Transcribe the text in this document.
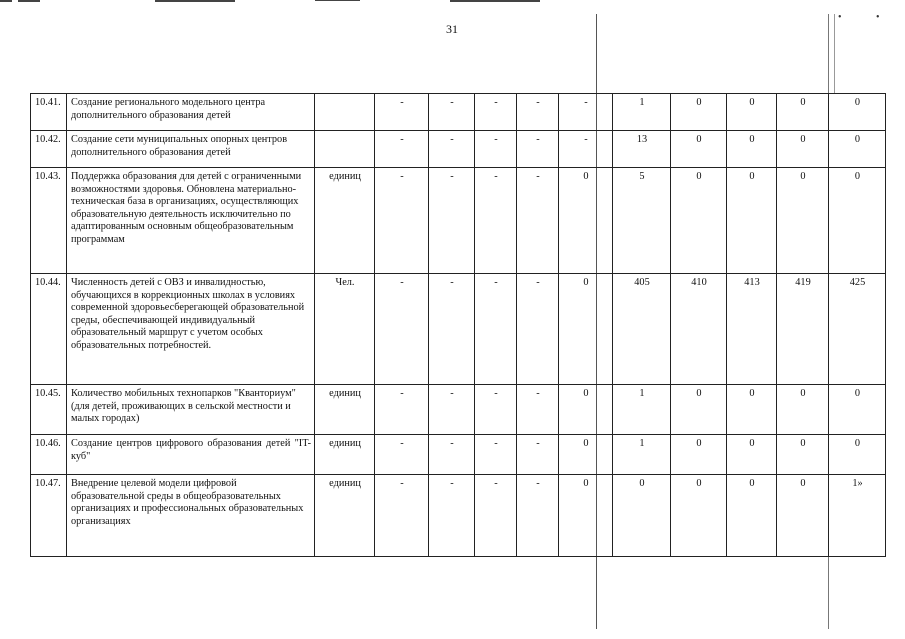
•	•
31
10.41.	Создание регионального модельного центра дополнительного образования детей		-	-	-	-	-	1	0	0	0	0
10.42.	Создание сети муниципальных опорных центров дополнительного образования детей		-	-	-	-	-	13	0	0	0	0
10.43.	Поддержка образования для детей с ограниченными возможностями здоровья. Обновлена материально-техническая база в организациях, осуществляющих образовательную деятельность исключительно по адаптированным основным общеобразовательным программам	единиц	-	-	-	-	0	5	0	0	0	0
10.44.	Численность детей с ОВЗ и инвалидностью, обучающихся в коррекционных школах в условиях современной здоровьесберегающей образовательной среды, обеспечивающей индивидуальный образовательный маршрут с учетом особых образовательных потребностей.	Чел.	-	-	-	-	0	405	410	413	419	425
10.45.	Количество мобильных технопарков "Кванториум" (для детей, проживающих в сельской местности и малых городах)	единиц	-	-	-	-	0	1	0	0	0	0
10.46.	Создание центров цифрового образования детей "IT-куб"	единиц	-	-	-	-	0	1	0	0	0	0
10.47.	Внедрение целевой модели цифровой образовательной среды в общеобразовательных организациях и профессиональных образовательных организациях	единиц	-	-	-	-	0	0	0	0	0	1»
